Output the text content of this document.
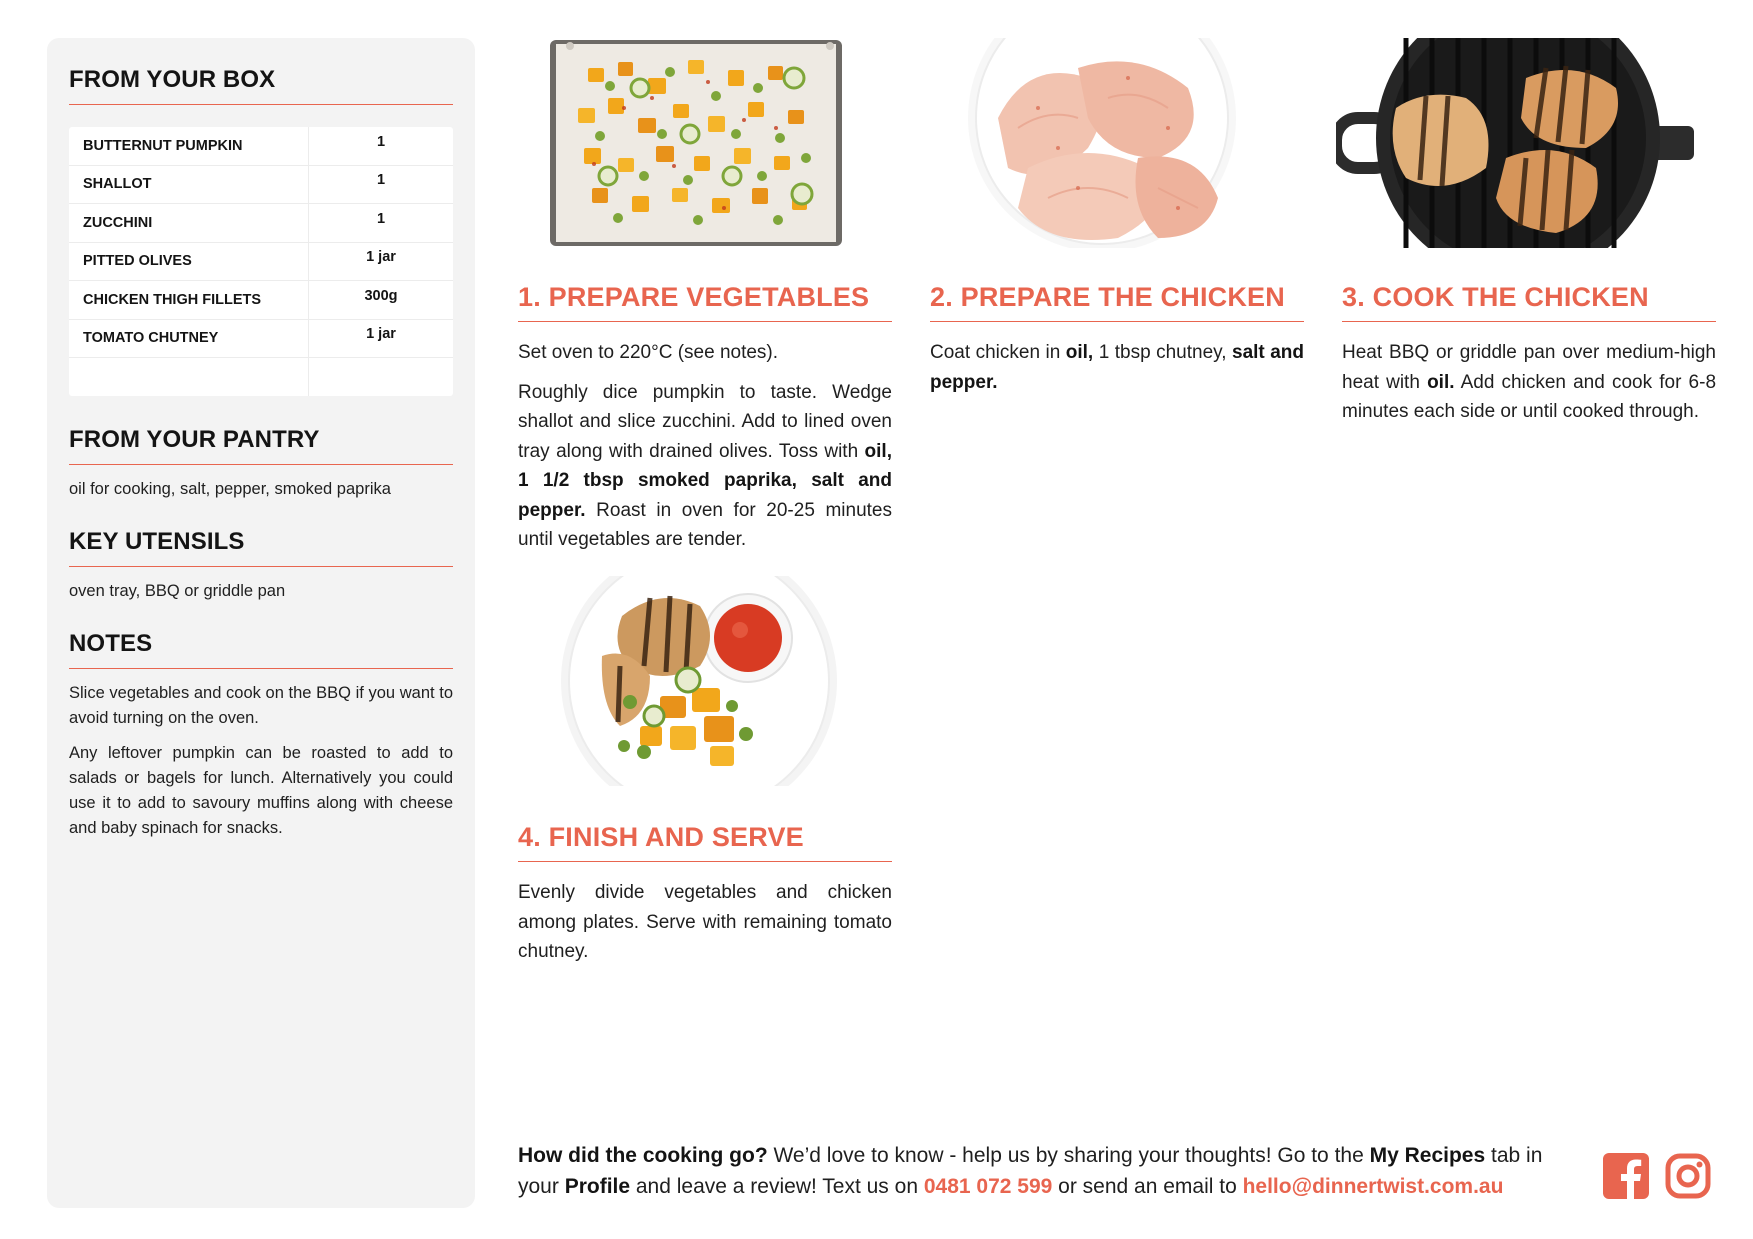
FROM YOUR BOX
BUTTERNUT PUMPKIN	1
SHALLOT	1
ZUCCHINI	1
PITTED OLIVES	1 jar
CHICKEN THIGH FILLETS	300g
TOMATO CHUTNEY	1 jar
FROM YOUR PANTRY
oil for cooking, salt, pepper, smoked paprika
KEY UTENSILS
oven tray, BBQ or griddle pan
NOTES
Slice vegetables and cook on the BBQ if you want to avoid turning on the oven.
Any leftover pumpkin can be roasted to add to salads or bagels for lunch. Alternatively you could use it to add to savoury muffins along with cheese and baby spinach for snacks.
1. PREPARE VEGETABLES

Set oven to 220°C (see notes).

Roughly dice pumpkin to taste. Wedge shallot and slice zucchini. Add to lined oven tray along with drained olives. Toss with oil, 1 1/2 tbsp smoked paprika, salt and pepper. Roast in oven for 20-25 minutes until vegetables are tender.

2. PREPARE THE CHICKEN

Coat chicken in oil, 1 tbsp chutney, salt and pepper.

3. COOK THE CHICKEN

Heat BBQ or griddle pan over medium-high heat with oil. Add chicken and cook for 6-8 minutes each side or until cooked through.

4. FINISH AND SERVE

Evenly divide vegetables and chicken among plates. Serve with remaining tomato chutney.

How did the cooking go? We’d love to know - help us by sharing your thoughts! Go to the My Recipes tab in your Profile and leave a review! Text us on 0481 072 599 or send an email to hello@dinnertwist.com.au
